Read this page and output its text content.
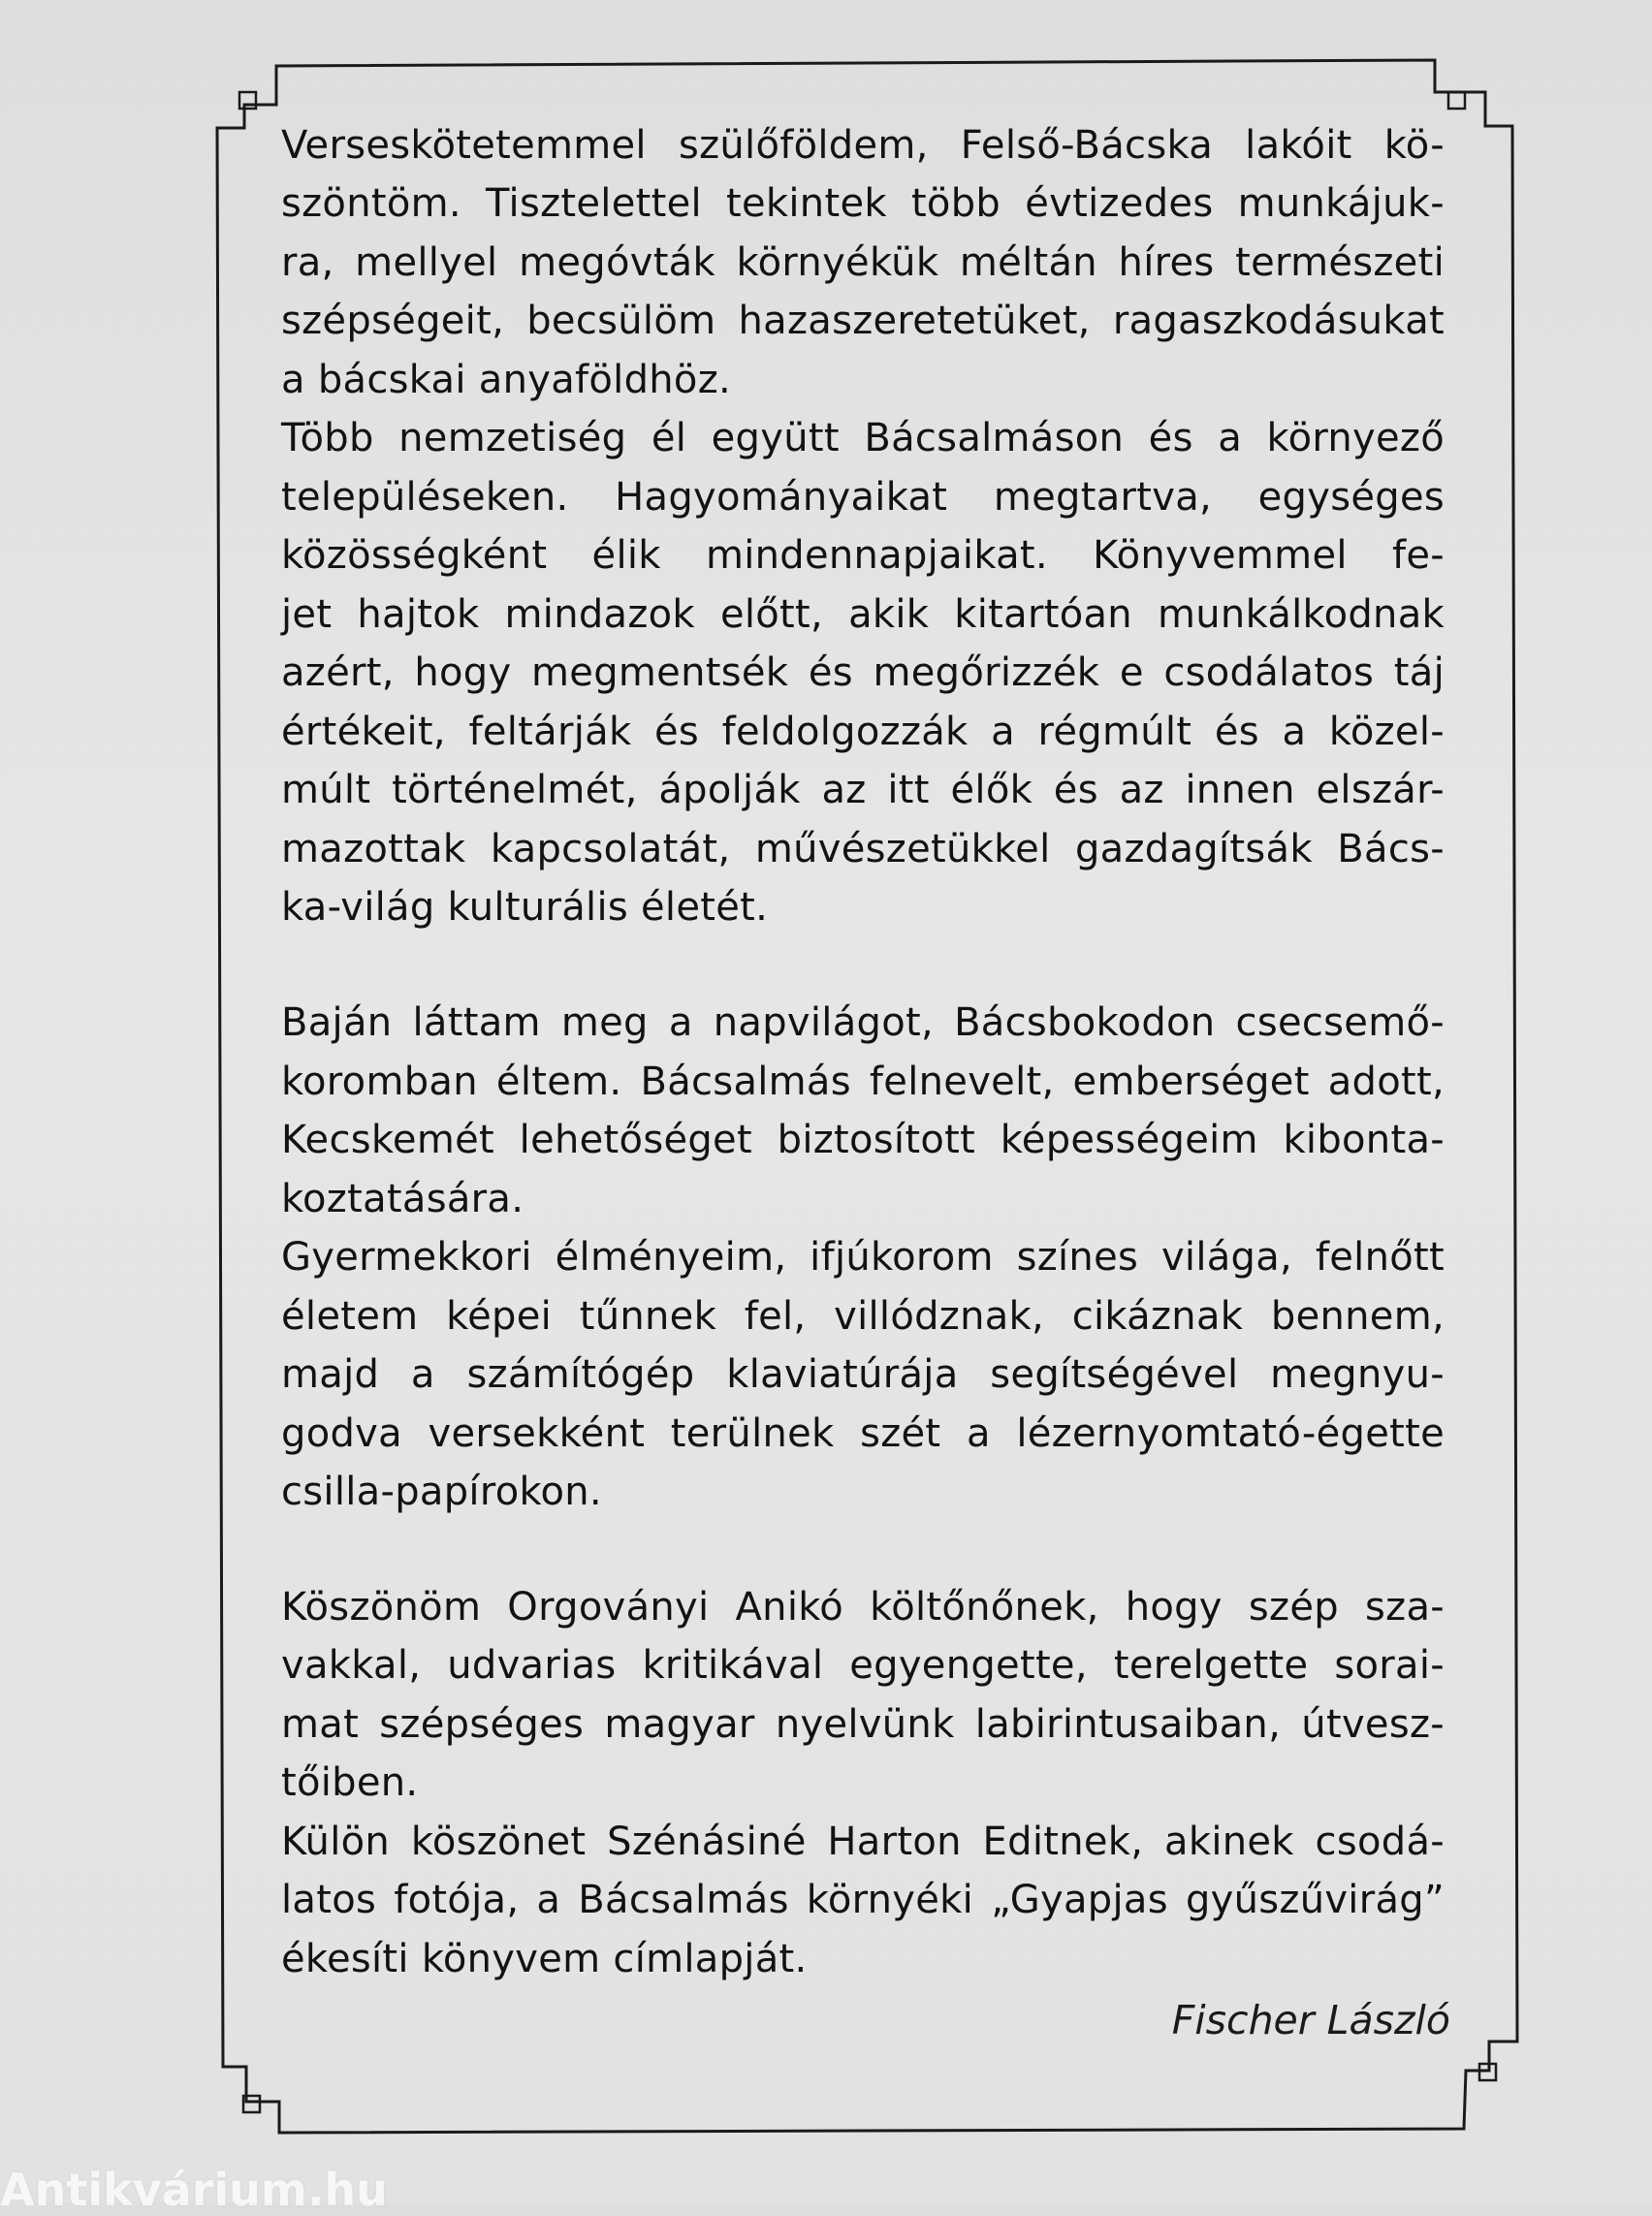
Verseskötetemmel szülőföldem, Felső-Bácska lakóit kö-
szöntöm. Tisztelettel tekintek több évtizedes munkájuk-
ra, mellyel megóvták környékük méltán híres természeti
szépségeit, becsülöm hazaszeretetüket, ragaszkodásukat
a bácskai anyaföldhöz.
Több nemzetiség él együtt Bácsalmáson és a környező
településeken. Hagyományaikat megtartva, egységes
közösségként élik mindennapjaikat. Könyvemmel fe-
jet hajtok mindazok előtt, akik kitartóan munkálkodnak
azért, hogy megmentsék és megőrizzék e csodálatos táj
értékeit, feltárják és feldolgozzák a régmúlt és a közel-
múlt történelmét, ápolják az itt élők és az innen elszár-
mazottak kapcsolatát, művészetükkel gazdagítsák Bács-
ka-világ kulturális életét.
Baján láttam meg a napvilágot, Bácsbokodon csecsemő-
koromban éltem. Bácsalmás felnevelt, emberséget adott,
Kecskemét lehetőséget biztosított képességeim kibonta-
koztatására.
Gyermekkori élményeim, ifjúkorom színes világa, felnőtt
életem képei tűnnek fel, villódznak, cikáznak bennem,
majd a számítógép klaviatúrája segítségével megnyu-
godva versekként terülnek szét a lézernyomtató-égette
csilla-papírokon.
Köszönöm Orgoványi Anikó költőnőnek, hogy szép sza-
vakkal, udvarias kritikával egyengette, terelgette sorai-
mat szépséges magyar nyelvünk labirintusaiban, útvesz-
tőiben.
Külön köszönet Szénásiné Harton Editnek, akinek csodá-
latos fotója, a Bácsalmás környéki „Gyapjas gyűszűvirág”
ékesíti könyvem címlapját.
Fischer László
Antikvárium.hu
